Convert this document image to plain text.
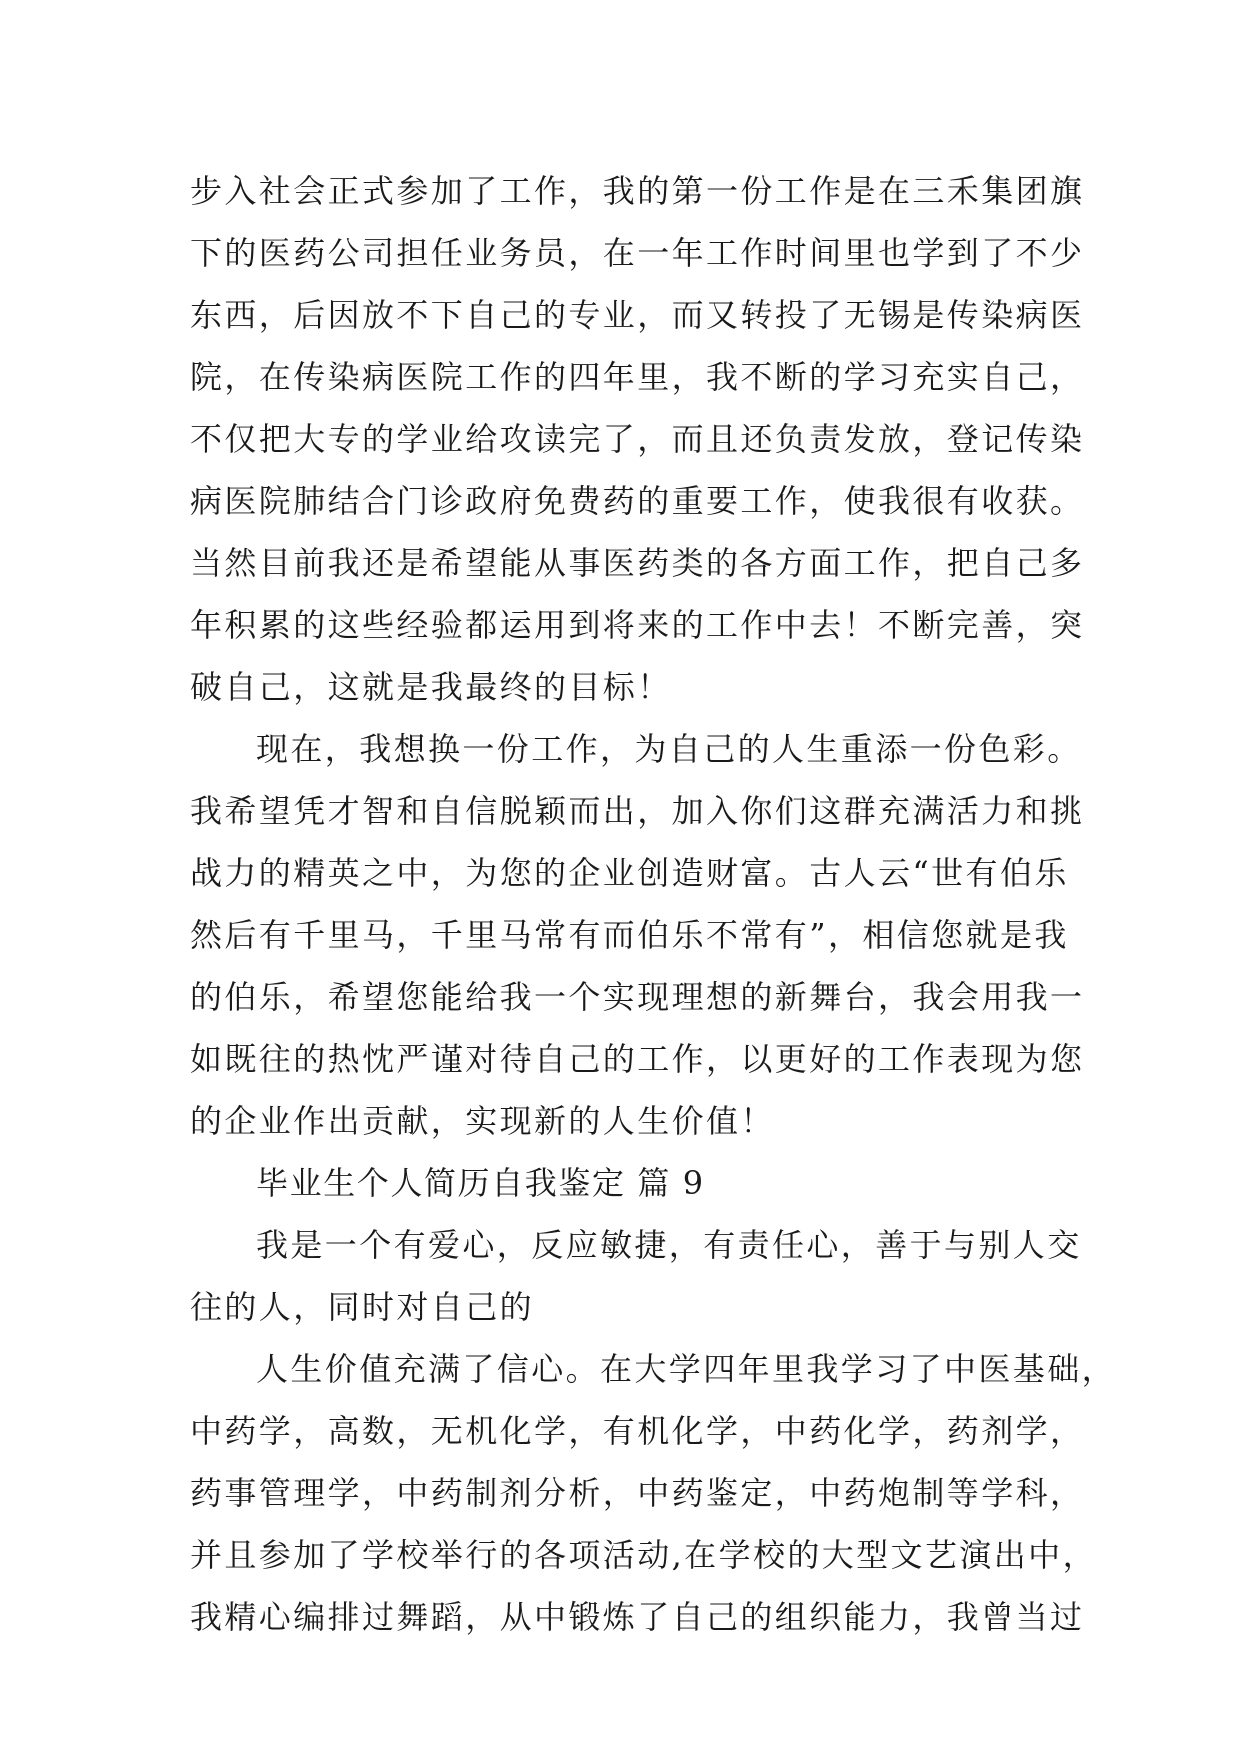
步入社会正式参加了工作，我的第一份工作是在三禾集团旗
下的医药公司担任业务员，在一年工作时间里也学到了不少
东西，后因放不下自己的专业，而又转投了无锡是传染病医
院，在传染病医院工作的四年里，我不断的学习充实自己，
不仅把大专的学业给攻读完了，而且还负责发放，登记传染
病医院肺结合门诊政府免费药的重要工作，使我很有收获。
当然目前我还是希望能从事医药类的各方面工作，把自己多
年积累的这些经验都运用到将来的工作中去！不断完善，突
破自己，这就是我最终的目标！
现在，我想换一份工作，为自己的人生重添一份色彩。
我希望凭才智和自信脱颖而出，加入你们这群充满活力和挑
战力的精英之中，为您的企业创造财富。古人云“世有伯乐
然后有千里马，千里马常有而伯乐不常有”，相信您就是我
的伯乐，希望您能给我一个实现理想的新舞台，我会用我一
如既往的热忱严谨对待自己的工作，以更好的工作表现为您
的企业作出贡献，实现新的人生价值！
毕业生个人简历自我鉴定 篇 9
我是一个有爱心，反应敏捷，有责任心，善于与别人交
往的人，同时对自己的
人生价值充满了信心。在大学四年里我学习了中医基础，
中药学，高数，无机化学，有机化学，中药化学，药剂学，
药事管理学，中药制剂分析，中药鉴定，中药炮制等学科，
并且参加了学校举行的各项活动,在学校的大型文艺演出中，
我精心编排过舞蹈，从中锻炼了自己的组织能力，我曾当过
